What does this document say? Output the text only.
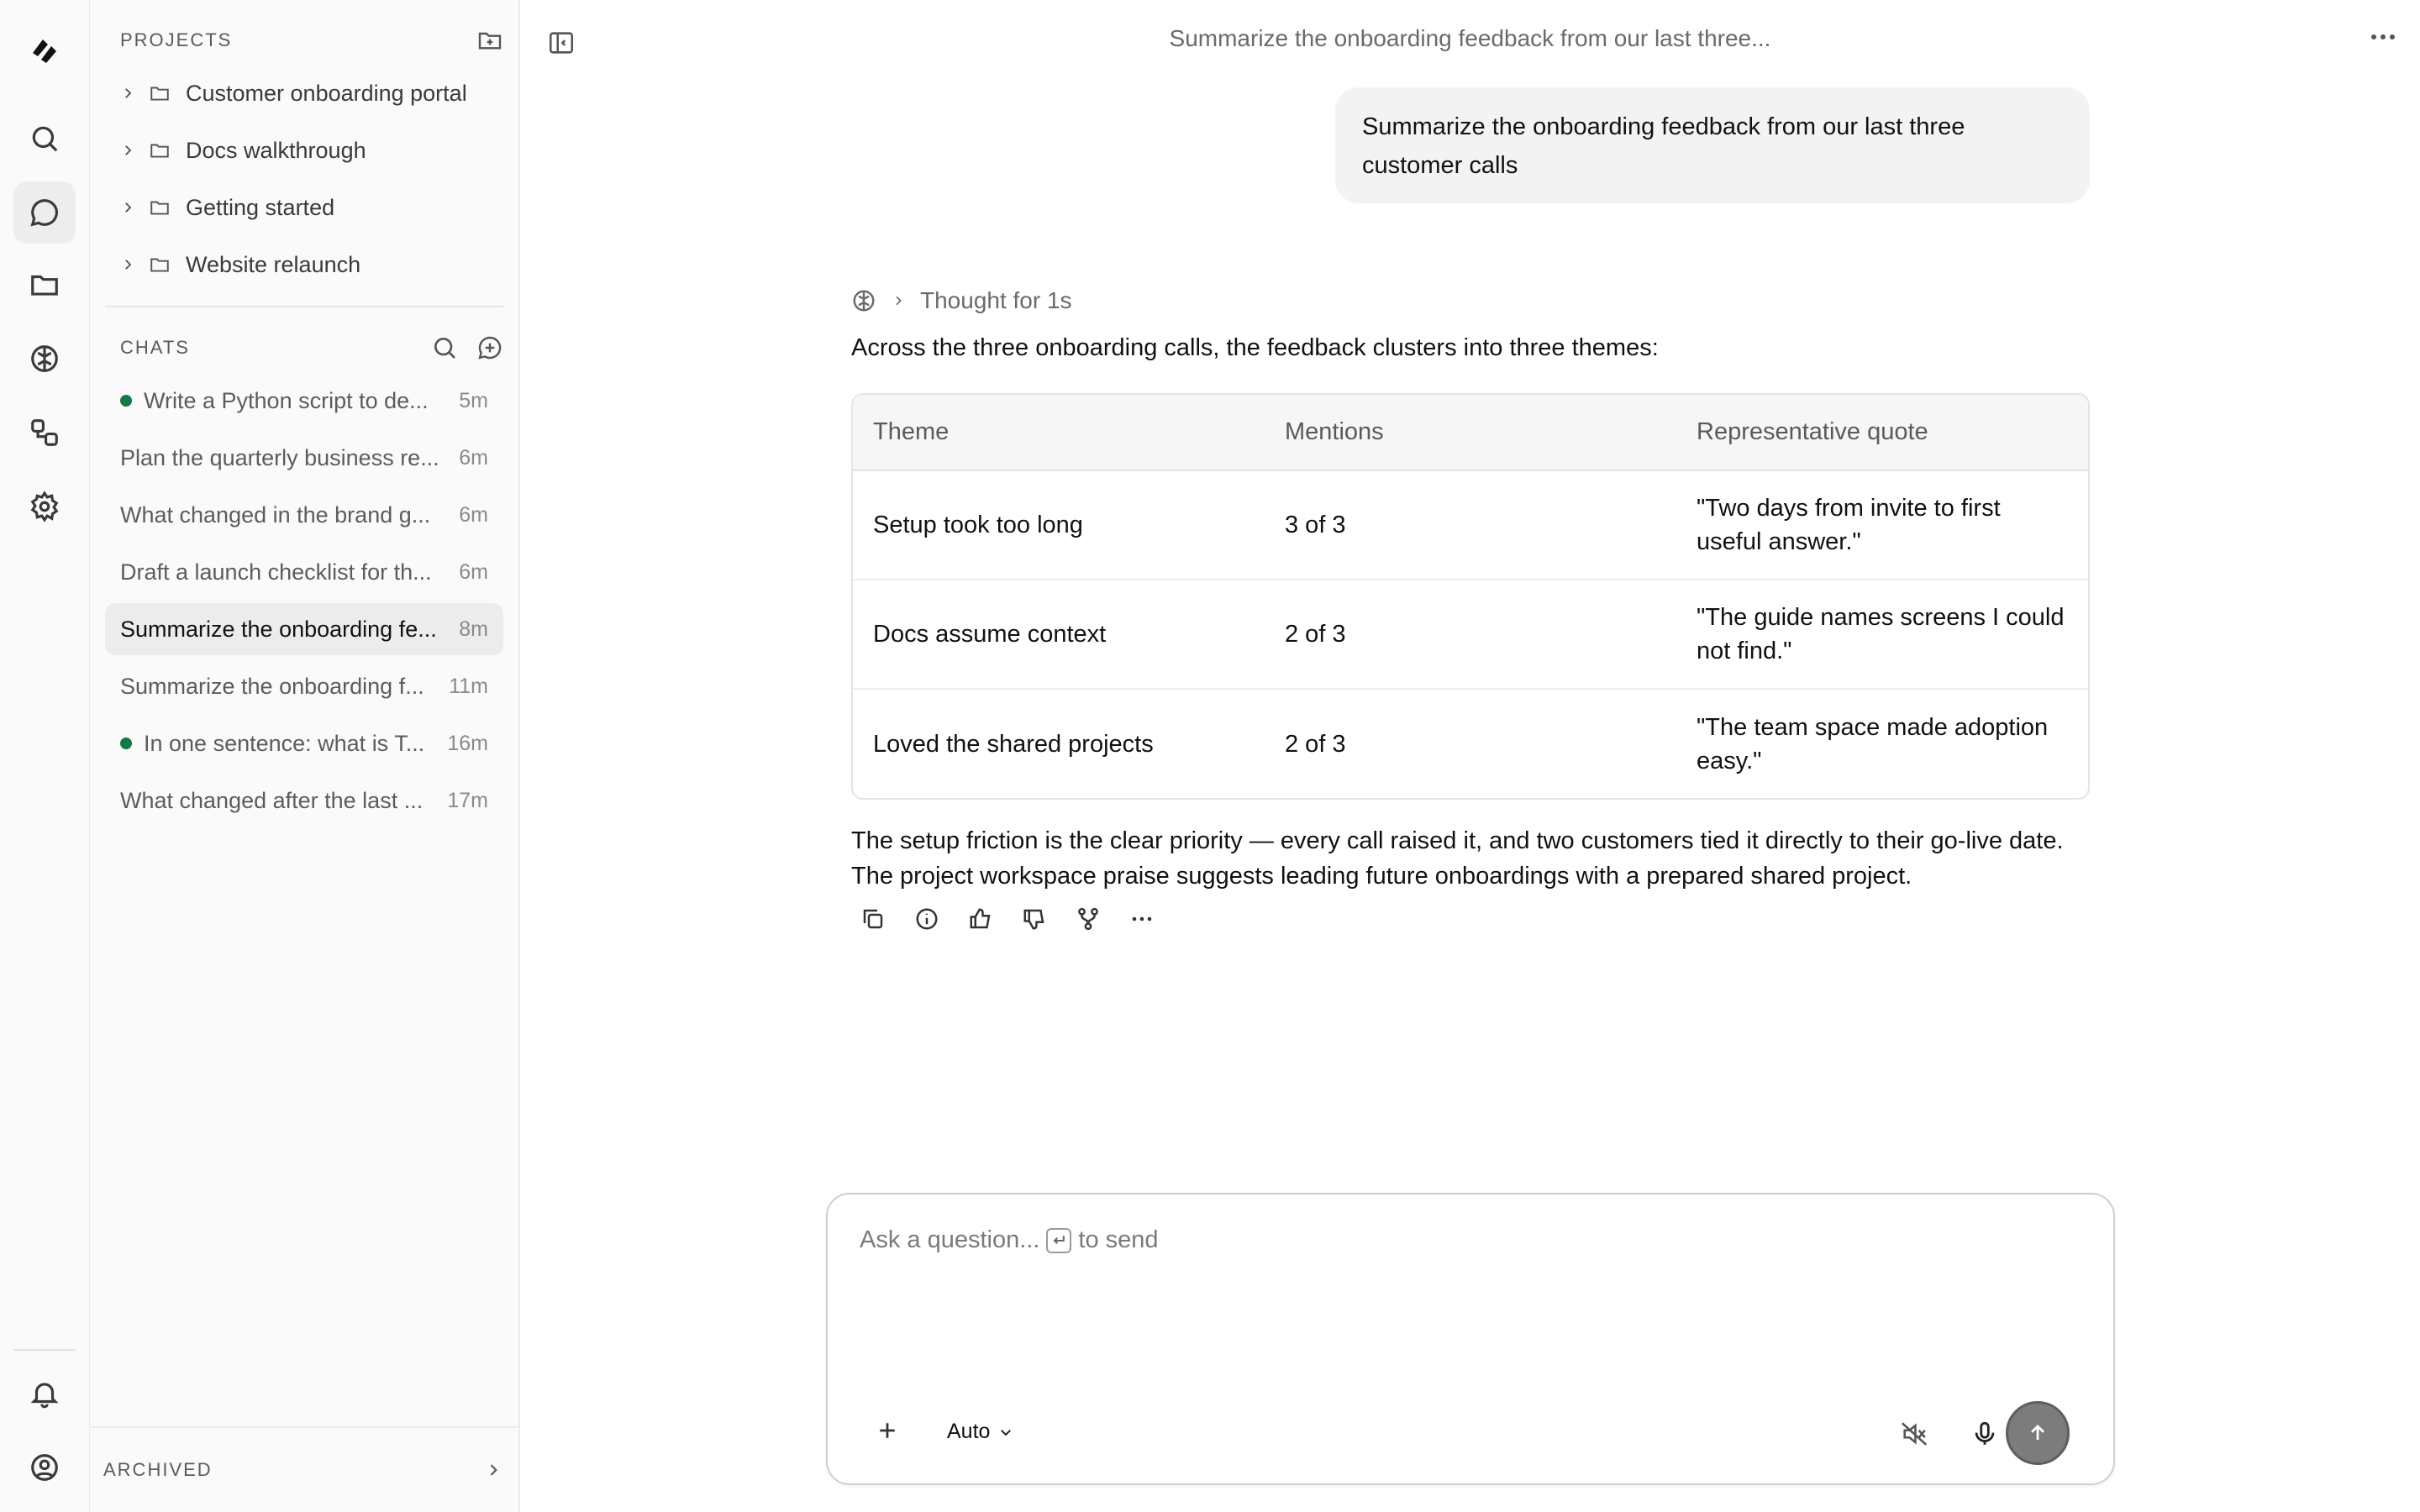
PROJECTS
Customer onboarding portal
Docs walkthrough
Getting started
Website relaunch
CHATS
Write a Python script to de...	5m
Plan the quarterly business re... 6m
What changed in the brand g...	6m
Draft a launch checklist for th...	6m
Summarize the onboarding fe...	8m
Summarize the onboarding f...	11m
In one sentence: what is T...	16m
What changed after the last ...	17m
ARCHIVED
Summarize the onboarding feedback from our last three...
Summarize the onboarding feedback from our last three customer calls
Thought for 1s
Across the three onboarding calls, the feedback clusters into three themes:
Theme	Mentions	Representative quote
Setup took too long	3 of 3	"Two days from invite to first useful answer."
Docs assume context	2 of 3	"The guide names screens I could not find."
Loved the shared projects	2 of 3	"The team space made adoption easy."
The setup friction is the clear priority — every call raised it, and two customers tied it directly to their go-live date. The project workspace praise suggests leading future onboardings with a prepared shared project.
Ask a question... to send
Auto
